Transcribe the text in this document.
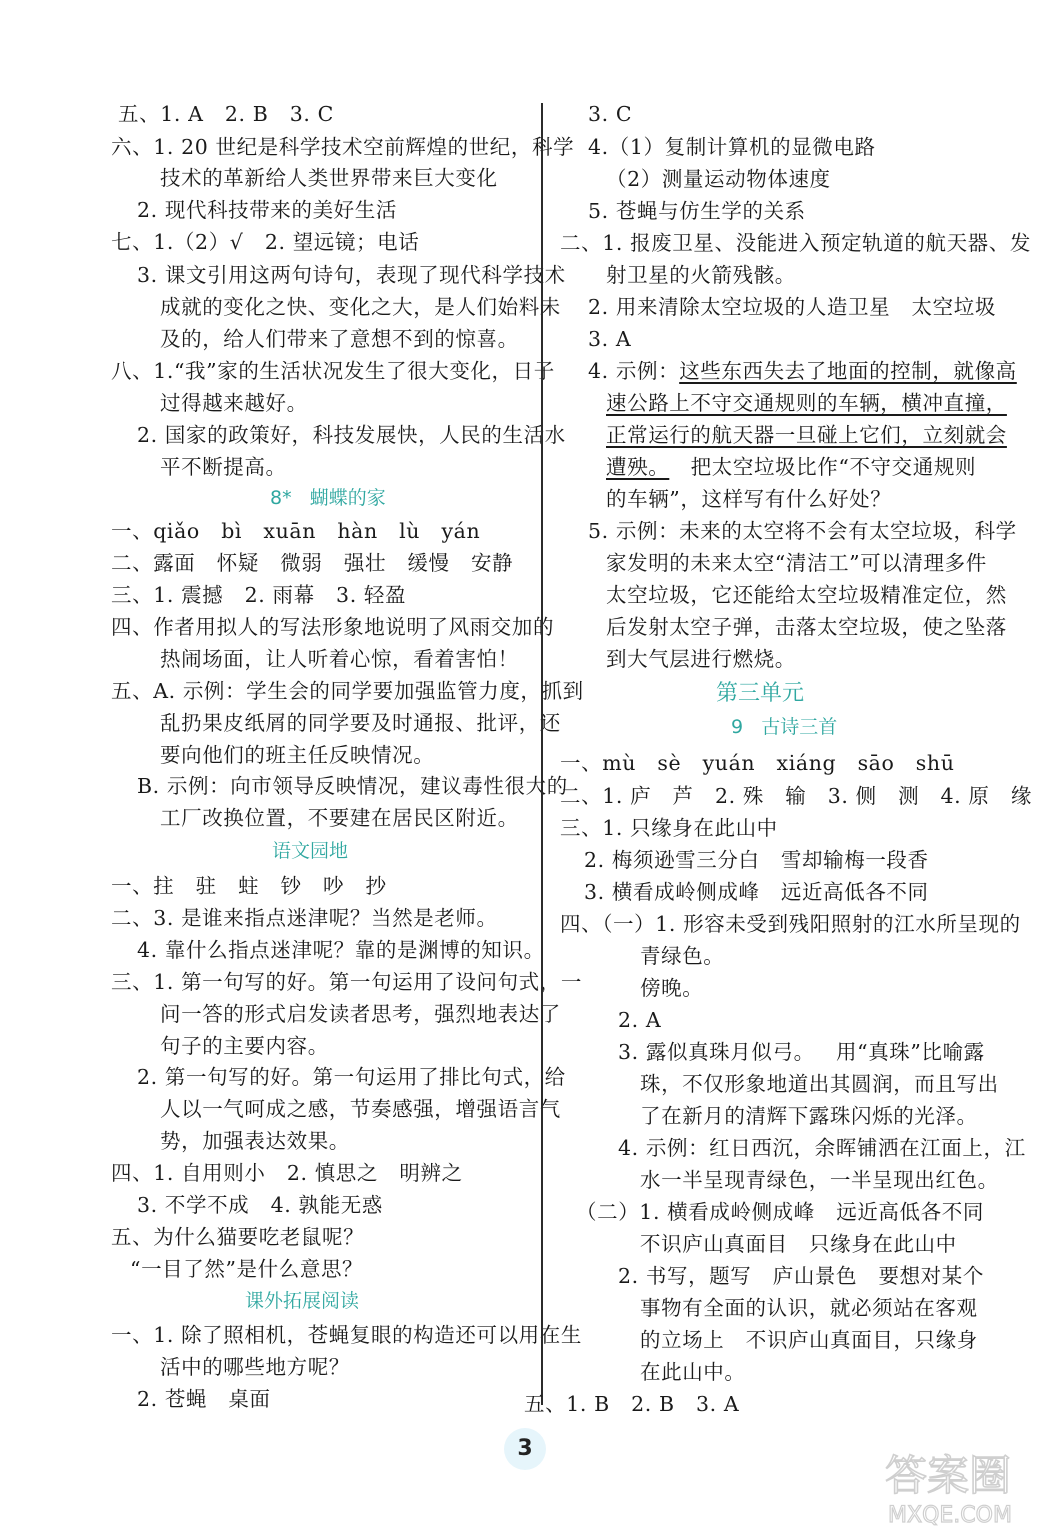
五、1. A   2. B   3. C
六、1. 20 世纪是科学技术空前辉煌的世纪，科学
技术的革新给人类世界带来巨大变化
2. 现代科技带来的美好生活
七、1.（2）√   2. 望远镜；电话
3. 课文引用这两句诗句，表现了现代科学技术
成就的变化之快、变化之大，是人们始料未
及的，给人们带来了意想不到的惊喜。
八、1.“我”家的生活状况发生了很大变化，日子
过得越来越好。
2. 国家的政策好，科技发展快，人民的生活水
平不断提高。
8*   蝴蝶的家
一、qiǎo   bì   xuān   hàn   lù   yán
二、露面   怀疑   微弱   强壮   缓慢   安静
三、1. 震撼   2. 雨幕   3. 轻盈
四、作者用拟人的写法形象地说明了风雨交加的
热闹场面，让人听着心惊，看着害怕！
五、A. 示例：学生会的同学要加强监管力度，抓到
乱扔果皮纸屑的同学要及时通报、批评，还
要向他们的班主任反映情况。
B. 示例：向市领导反映情况，建议毒性很大的
工厂改换位置，不要建在居民区附近。
语文园地
一、拄   驻   蛀   钞   吵   抄
二、3. 是谁来指点迷津呢？当然是老师。
4. 靠什么指点迷津呢？靠的是渊博的知识。
三、1. 第一句写的好。第一句运用了设问句式，一
问一答的形式启发读者思考，强烈地表达了
句子的主要内容。
2. 第一句写的好。第一句运用了排比句式，给
人以一气呵成之感，节奏感强，增强语言气
势，加强表达效果。
四、1. 自用则小   2. 慎思之   明辨之
3. 不学不成   4. 孰能无惑
五、为什么猫要吃老鼠呢？
“一目了然”是什么意思？
课外拓展阅读
一、1. 除了照相机，苍蝇复眼的构造还可以用在生
活中的哪些地方呢？
2. 苍蝇   桌面
3. C
4.（1）复制计算机的显微电路
（2）测量运动物体速度
5. 苍蝇与仿生学的关系
二、1. 报废卫星、没能进入预定轨道的航天器、发
射卫星的火箭残骸。
2. 用来清除太空垃圾的人造卫星   太空垃圾
3. A
4. 示例：这些东西失去了地面的控制，就像高
速公路上不守交通规则的车辆，横冲直撞，
正常运行的航天器一旦碰上它们，立刻就会
遭殃。   把太空垃圾比作“不守交通规则
的车辆”，这样写有什么好处？
5. 示例：未来的太空将不会有太空垃圾，科学
家发明的未来太空“清洁工”可以清理多件
太空垃圾，它还能给太空垃圾精准定位，然
后发射太空子弹，击落太空垃圾，使之坠落
到大气层进行燃烧。
第三单元
9   古诗三首
一、mù   sè   yuán   xiáng   sāo   shū
二、1. 庐   芦   2. 殊   输   3. 侧   测   4. 原   缘
三、1. 只缘身在此山中
2. 梅须逊雪三分白   雪却输梅一段香
3. 横看成岭侧成峰   远近高低各不同
四、（一）1. 形容未受到残阳照射的江水所呈现的
青绿色。
傍晚。
2. A
3. 露似真珠月似弓。   用“真珠”比喻露
珠，不仅形象地道出其圆润，而且写出
了在新月的清辉下露珠闪烁的光泽。
4. 示例：红日西沉，余晖铺洒在江面上，江
水一半呈现青绿色，一半呈现出红色。
（二）1. 横看成岭侧成峰   远近高低各不同
不识庐山真面目   只缘身在此山中
2. 书写，题写   庐山景色   要想对某个
事物有全面的认识，就必须站在客观
的立场上   不识庐山真面目，只缘身
在此山中。
五、1. B   2. B   3. A
3
答案圈
MXQE.COM
